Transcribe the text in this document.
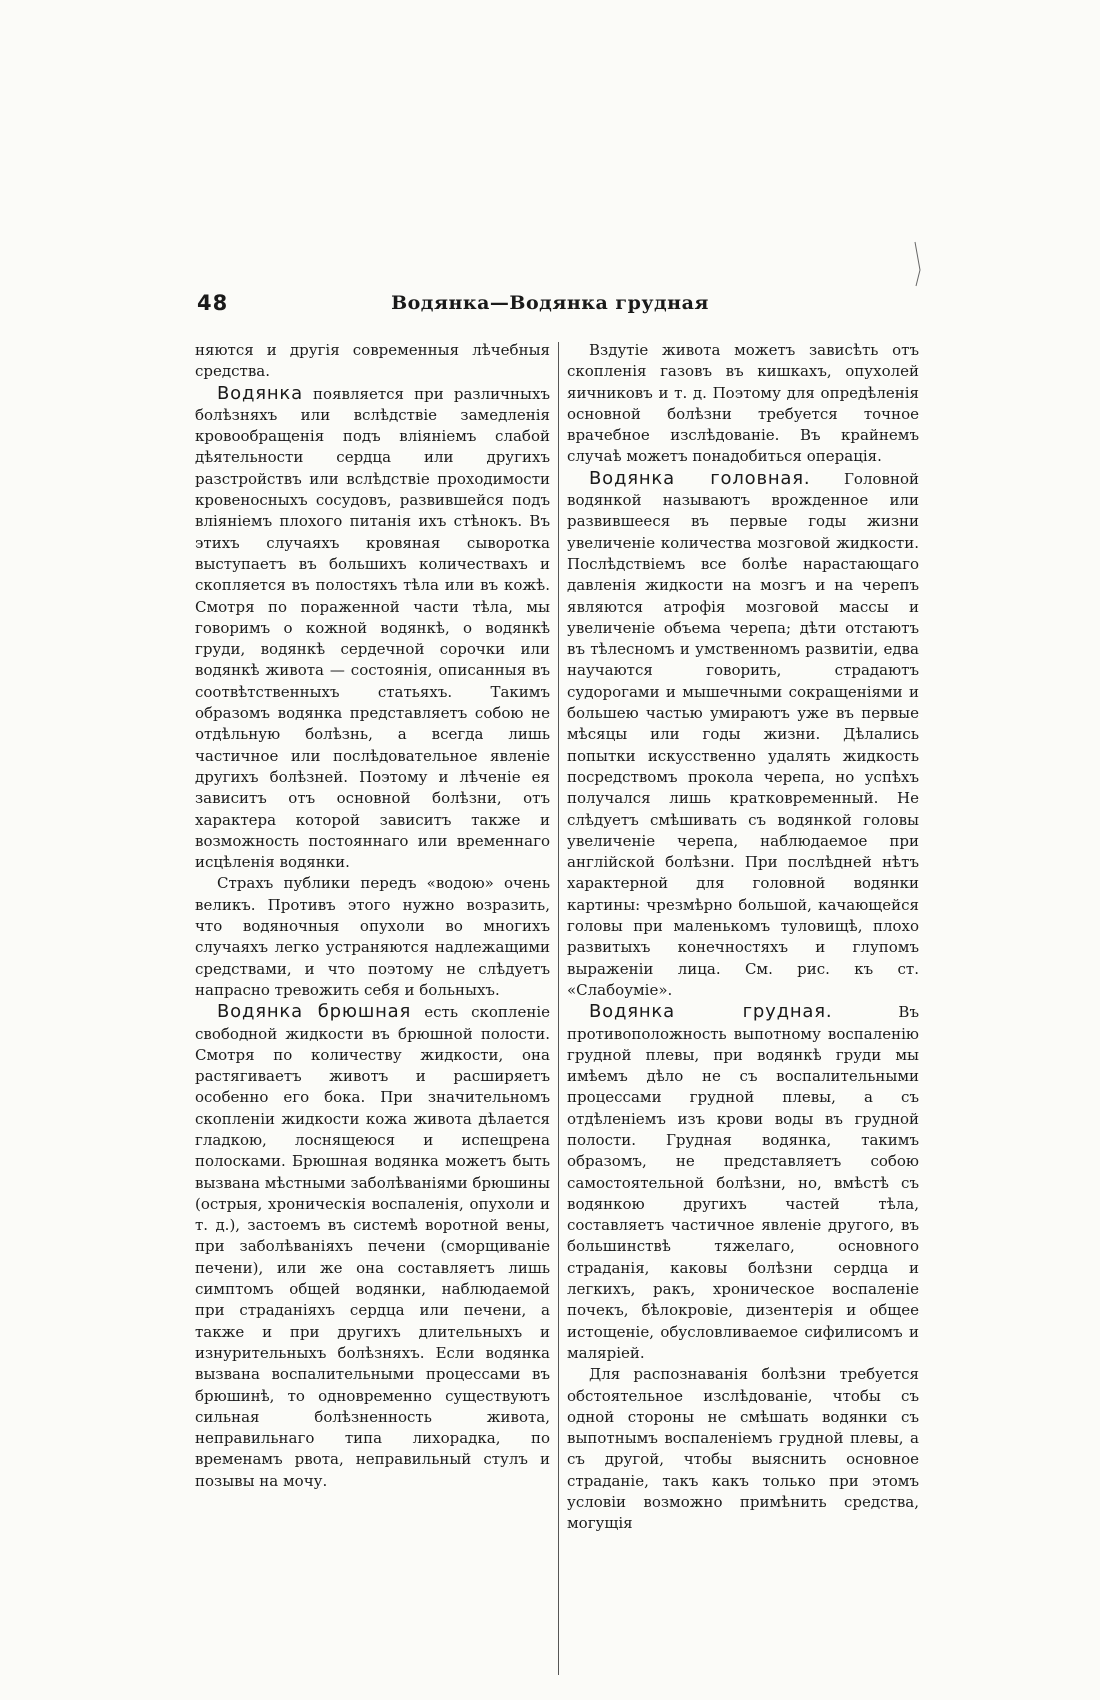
48	Водянка—Водянка грудная

няются и другія современныя лѣчебныя средства.

Водянка появляется при различныхъ болѣзняхъ или вслѣдствіе замедленія кровообращенія подъ вліяніемъ слабой дѣятельности сердца или другихъ разстройствъ или вслѣдствіе проходимости кровеносныхъ сосудовъ, развившейся подъ вліяніемъ плохого питанія ихъ стѣнокъ. Въ этихъ случаяхъ кровяная сыворотка выступаетъ въ большихъ количествахъ и скопляется въ полостяхъ тѣла или въ кожѣ. Смотря по пораженной части тѣла, мы говоримъ о кожной водянкѣ, о водянкѣ груди, водянкѣ сердечной сорочки или водянкѣ живота — состоянія, описанныя въ соотвѣтственныхъ статьяхъ. Такимъ образомъ водянка представляетъ собою не отдѣльную болѣзнь, а всегда лишь частичное или послѣдовательное явленіе другихъ болѣзней. Поэтому и лѣченіе ея зависитъ отъ основной болѣзни, отъ характера которой зависитъ также и возможность постояннаго или временнаго исцѣленія водянки.

Страхъ публики передъ «водою» очень великъ. Противъ этого нужно возразить, что водяночныя опухоли во многихъ случаяхъ легко устраняются надлежащими средствами, и что поэтому не слѣдуетъ напрасно тревожить себя и больныхъ.

Водянка брюшная есть скопленіе свободной жидкости въ брюшной полости. Смотря по количеству жидкости, она растягиваетъ животъ и расширяетъ особенно его бока. При значительномъ скопленіи жидкости кожа живота дѣлается гладкою, лоснящеюся и испещрена полосками. Брюшная водянка можетъ быть вызвана мѣстными заболѣваніями брюшины (острыя, хроническія воспаленія, опухоли и т. д.), застоемъ въ системѣ воротной вены, при заболѣваніяхъ печени (сморщиваніе печени), или же она составляетъ лишь симптомъ общей водянки, наблюдаемой при страданіяхъ сердца или печени, а также и при другихъ длительныхъ и изнурительныхъ болѣзняхъ. Если водянка вызвана воспалительными процессами въ брюшинѣ, то одновременно существуютъ сильная болѣзненность живота, неправильнаго типа лихорадка, по временамъ рвота, неправильный стулъ и позывы на мочу.

Вздутіе живота можетъ зависѣть отъ скопленія газовъ въ кишкахъ, опухолей яичниковъ и т. д. Поэтому для опредѣленія основной болѣзни требуется точное врачебное изслѣдованіе. Въ крайнемъ случаѣ можетъ понадобиться операція.

Водянка головная. Головной водянкой называютъ врожденное или развившееся въ первые годы жизни увеличеніе количества мозговой жидкости. Послѣдствіемъ все болѣе нарастающаго давленія жидкости на мозгъ и на черепъ являются атрофія мозговой массы и увеличеніе объема черепа; дѣти отстаютъ въ тѣлесномъ и умственномъ развитіи, едва научаются говорить, страдаютъ судорогами и мышечными сокращеніями и большею частью умираютъ уже въ первые мѣсяцы или годы жизни. Дѣлались попытки искусственно удалять жидкость посредствомъ прокола черепа, но успѣхъ получался лишь кратковременный. Не слѣдуетъ смѣшивать съ водянкой головы увеличеніе черепа, наблюдаемое при англійской болѣзни. При послѣдней нѣтъ характерной для головной водянки картины: чрезмѣрно большой, качающейся головы при маленькомъ туловищѣ, плохо развитыхъ конечностяхъ и глупомъ выраженіи лица. См. рис. къ ст. «Слабоуміе».

Водянка грудная. Въ противоположность выпотному воспаленію грудной плевы, при водянкѣ груди мы имѣемъ дѣло не съ воспалительными процессами грудной плевы, а съ отдѣленіемъ изъ крови воды въ грудной полости. Грудная водянка, такимъ образомъ, не представляетъ собою самостоятельной болѣзни, но, вмѣстѣ съ водянкою другихъ частей тѣла, составляетъ частичное явленіе другого, въ большинствѣ тяжелаго, основного страданія, каковы болѣзни сердца и легкихъ, ракъ, хроническое воспаленіе почекъ, бѣлокровіе, дизентерія и общее истощеніе, обусловливаемое сифилисомъ и маляріей.

Для распознаванія болѣзни требуется обстоятельное изслѣдованіе, чтобы съ одной стороны не смѣшать водянки съ выпотнымъ воспаленіемъ грудной плевы, а съ другой, чтобы выяснить основное страданіе, такъ какъ только при этомъ условіи возможно примѣнить средства, могущія
